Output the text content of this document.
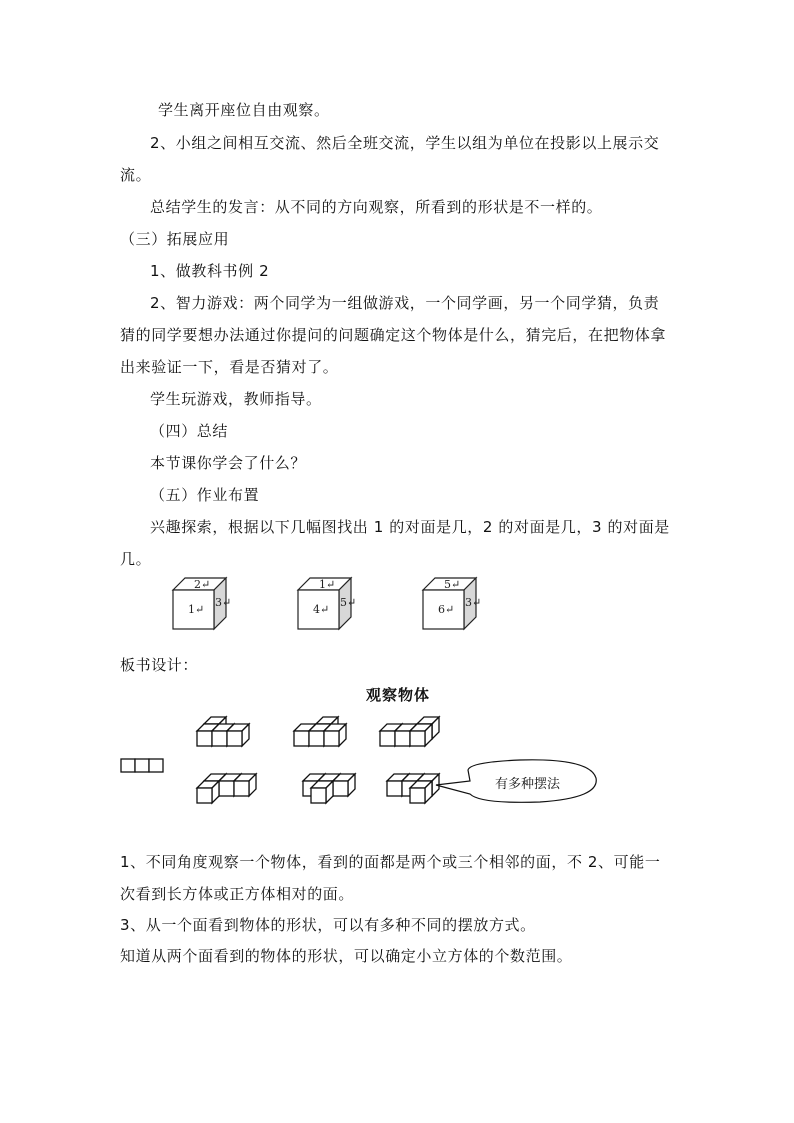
学生离开座位自由观察。
2、小组之间相互交流、然后全班交流，学生以组为单位在投影以上展示交
流。
总结学生的发言：从不同的方向观察，所看到的形状是不一样的。
（三）拓展应用
1、做教科书例 2
2、智力游戏：两个同学为一组做游戏，一个同学画，另一个同学猜，负责
猜的同学要想办法通过你提问的问题确定这个物体是什么，猜完后，在把物体拿
出来验证一下，看是否猜对了。
学生玩游戏，教师指导。
（四）总结
本节课你学会了什么？
（五）作业布置
兴趣探索，根据以下几幅图找出 1 的对面是几，2 的对面是几，3 的对面是
几。
2↵
1↵
3↵
1↵
4↵
5↵
5↵
6↵
3↵
有多种摆法
板书设计：
观察物体
1、不同角度观察一个物体，看到的面都是两个或三个相邻的面，不 2、可能一
次看到长方体或正方体相对的面。
3、从一个面看到物体的形状，可以有多种不同的摆放方式。
知道从两个面看到的物体的形状，可以确定小立方体的个数范围。
